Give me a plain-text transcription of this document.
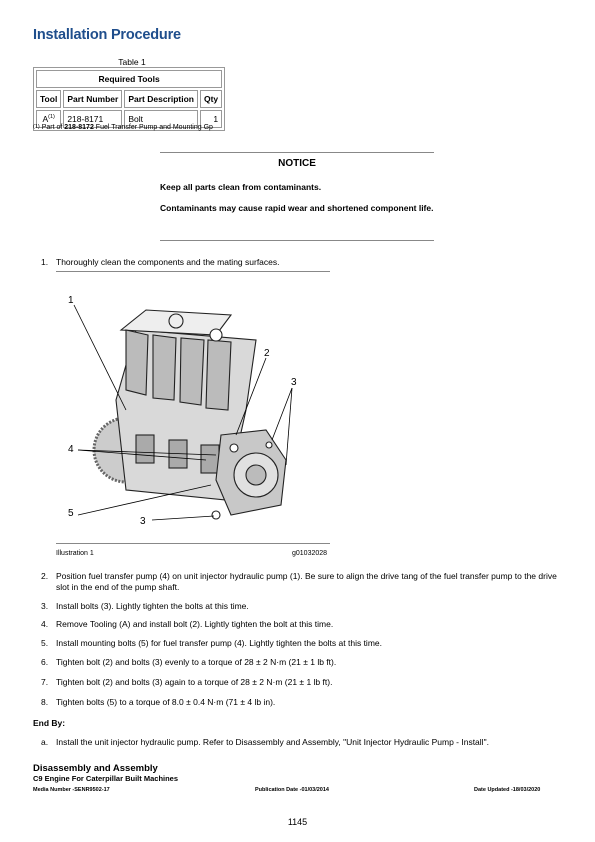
Installation Procedure
Table 1
Required Tools			
Tool	Part Number	Part Description	Qty
$A^{(1)}$	218-8171	Bolt	1
$^{(1)}$ Part of 218-8172 Fuel Transfer Pump and Mounting Gp
NOTICE
Keep all parts clean from contaminants.
Contaminants may cause rapid wear and shortened component life.
1. Thoroughly clean the components and the mating surfaces.
1
2
3
4
5
3
Illustration 1	g01032028
2. Position fuel transfer pump (4) on unit injector hydraulic pump (1). Be sure to align the drive tang of the fuel transfer pump to the drive slot in the end of the pump shaft.
3. Install bolts (3). Lightly tighten the bolts at this time.
4. Remove Tooling (A) and install bolt (2). Lightly tighten the bolt at this time.
5. Install mounting bolts (5) for fuel transfer pump (4). Lightly tighten the bolts at this time.
6. Tighten bolt (2) and bolts (3) evenly to a torque of 28 ± 2 N·m (21 ± 1 lb ft).
7. Tighten bolt (2) and bolts (3) again to a torque of 28 ± 2 N·m (21 ± 1 lb ft).
8. Tighten bolts (5) to a torque of 8.0 ± 0.4 N·m (71 ± 4 lb in).
End By:
a. Install the unit injector hydraulic pump. Refer to Disassembly and Assembly, "Unit Injector Hydraulic Pump - Install".
Disassembly and Assembly
C9 Engine For Caterpillar Built Machines
Media Number -SENR9502-17	Publication Date -01/03/2014	Date Updated -18/03/2020
1145
